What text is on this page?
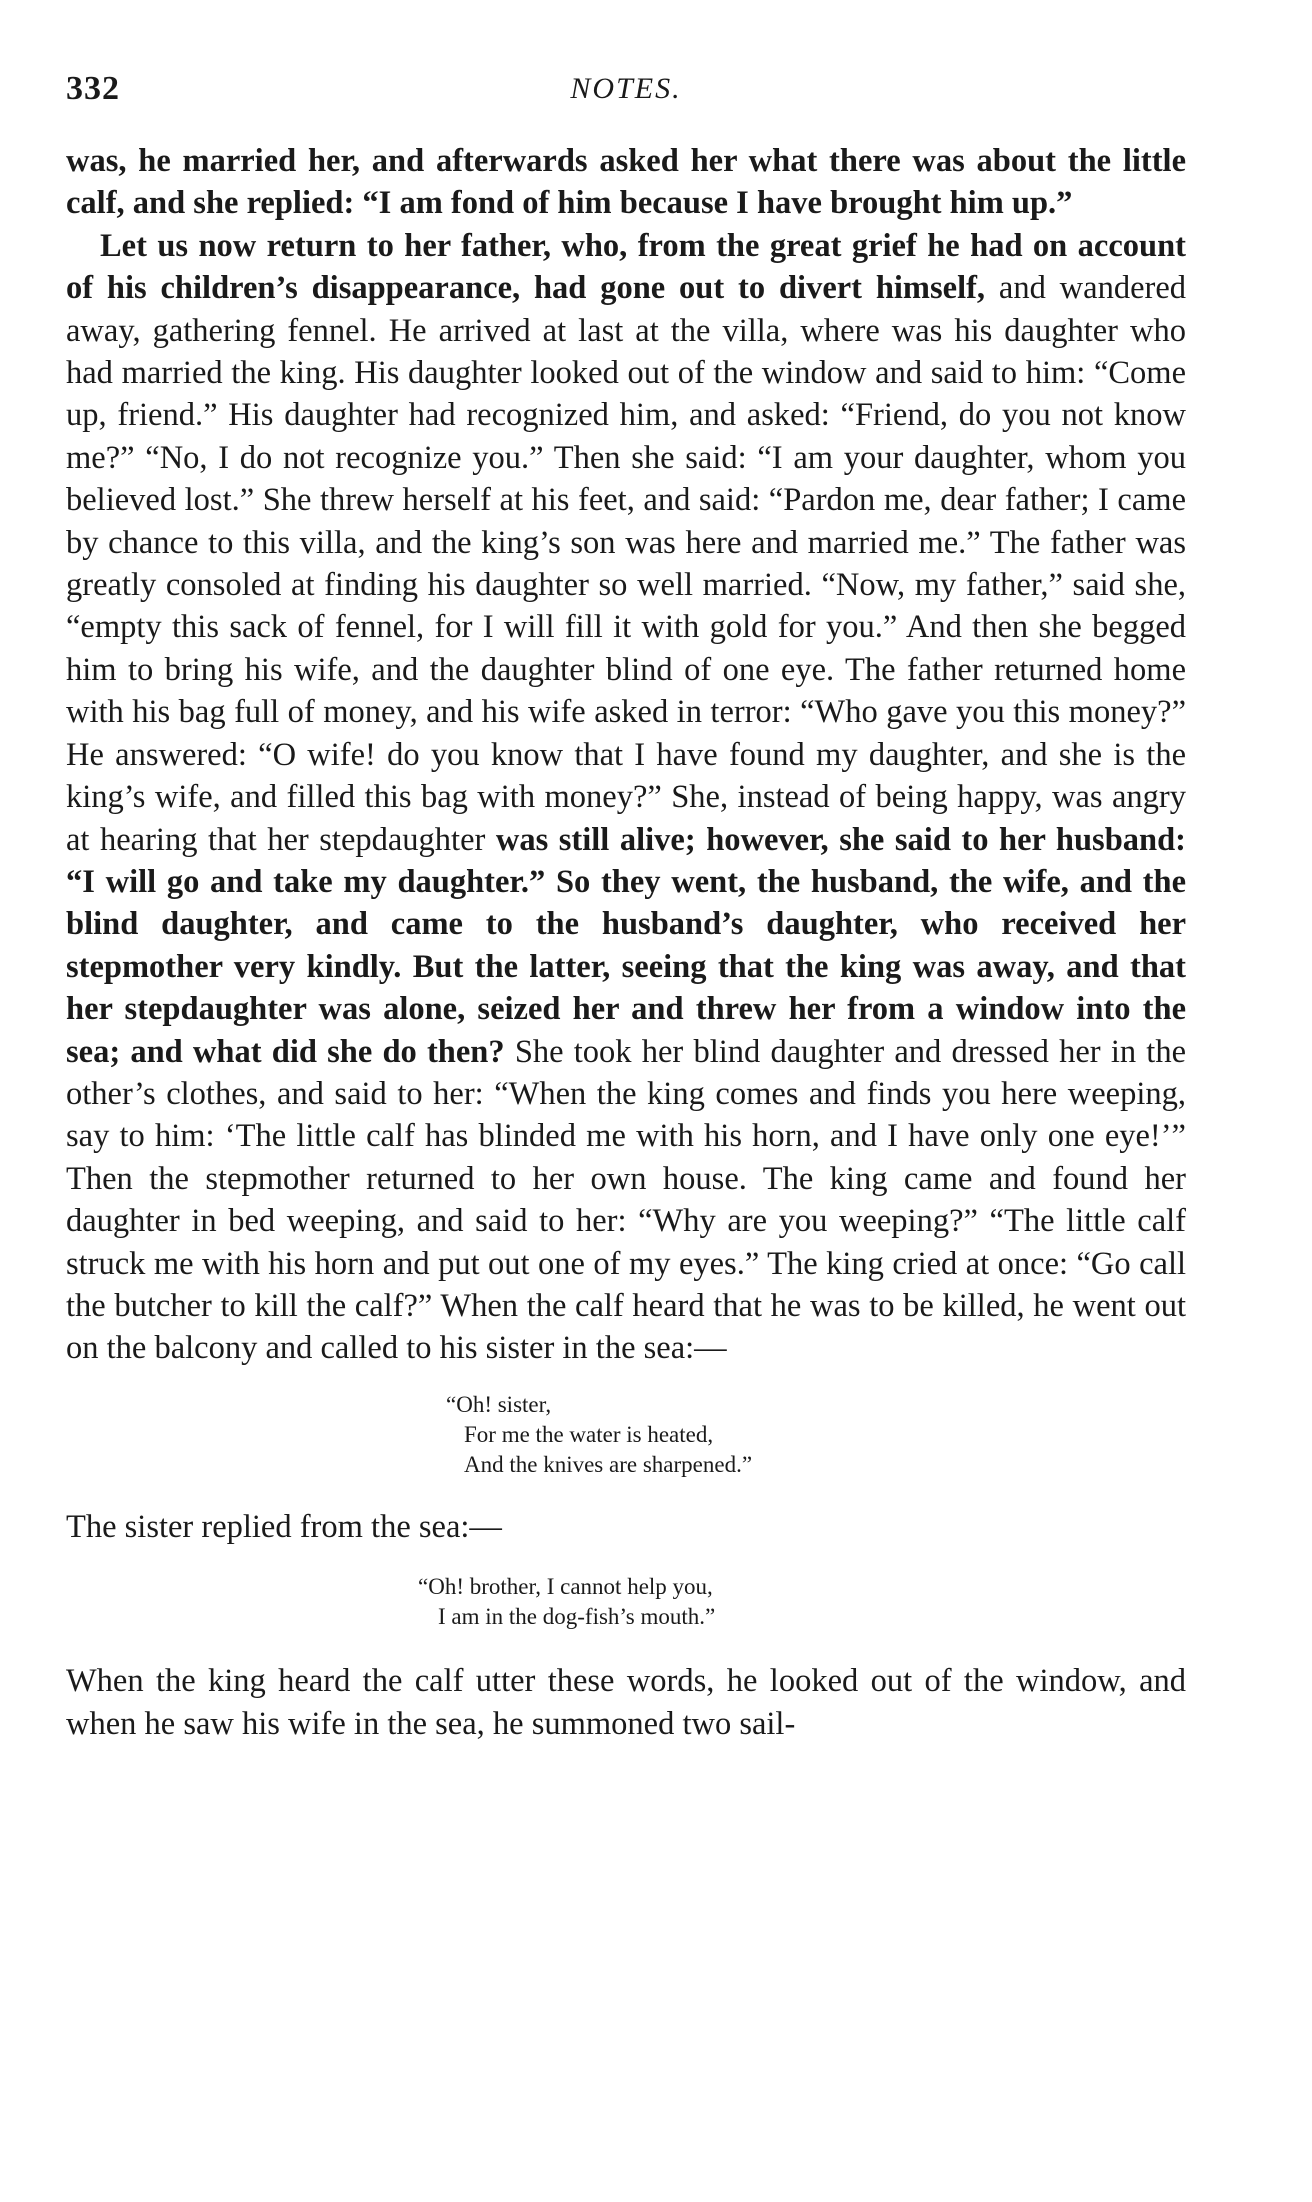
332	NOTES.

was, he married her, and afterwards asked her what there was about the little calf, and she replied: “I am fond of him because I have brought him up.”

Let us now return to her father, who, from the great grief he had on account of his children’s disappearance, had gone out to divert himself, and wandered away, gathering fennel. He arrived at last at the villa, where was his daughter who had married the king. His daughter looked out of the window and said to him: “Come up, friend.” His daughter had recognized him, and asked: “Friend, do you not know me?” “No, I do not recognize you.” Then she said: “I am your daughter, whom you believed lost.” She threw herself at his feet, and said: “Pardon me, dear father; I came by chance to this villa, and the king’s son was here and married me.” The father was greatly consoled at finding his daughter so well married. “Now, my father,” said she, “empty this sack of fennel, for I will fill it with gold for you.” And then she begged him to bring his wife, and the daughter blind of one eye. The father returned home with his bag full of money, and his wife asked in terror: “Who gave you this money?” He answered: “O wife! do you know that I have found my daughter, and she is the king’s wife, and filled this bag with money?” She, instead of being happy, was angry at hearing that her stepdaughter was still alive; however, she said to her husband: “I will go and take my daughter.” So they went, the husband, the wife, and the blind daughter, and came to the husband’s daughter, who received her stepmother very kindly. But the latter, seeing that the king was away, and that her stepdaughter was alone, seized her and threw her from a window into the sea; and what did she do then? She took her blind daughter and dressed her in the other’s clothes, and said to her: “When the king comes and finds you here weeping, say to him: ‘The little calf has blinded me with his horn, and I have only one eye!’” Then the stepmother returned to her own house. The king came and found her daughter in bed weeping, and said to her: “Why are you weeping?” “The little calf struck me with his horn and put out one of my eyes.” The king cried at once: “Go call the butcher to kill the calf?” When the calf heard that he was to be killed, he went out on the balcony and called to his sister in the sea:—

“Oh! sister,
For me the water is heated,
And the knives are sharpened.”

The sister replied from the sea:—

“Oh! brother, I cannot help you,
I am in the dog-fish’s mouth.”

When the king heard the calf utter these words, he looked out of the window, and when he saw his wife in the sea, he summoned two sail-
